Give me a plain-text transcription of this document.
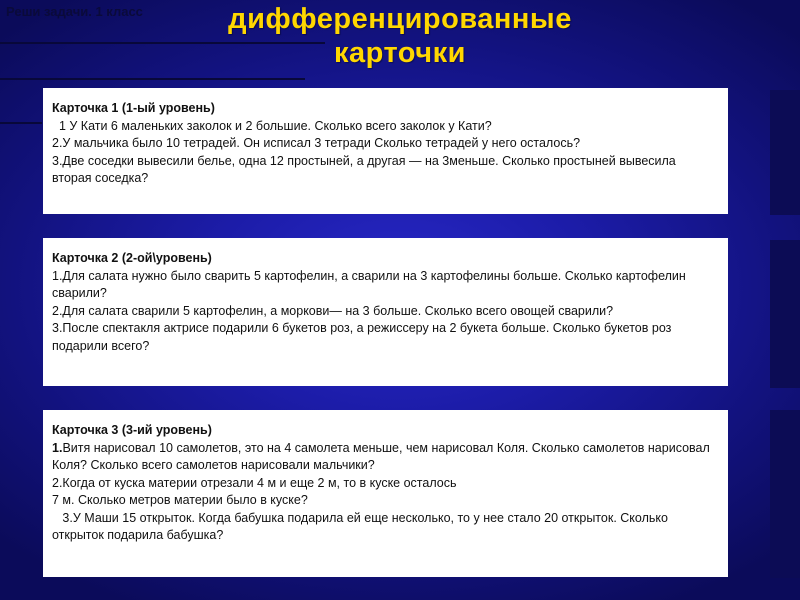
Реши задачи. 1 класс	дифференцированные
карточки
Карточка 1 (1-ый уровень)
1 У Кати 6 маленьких заколок и 2 большие. Сколько всего заколок у Кати?
2.У мальчика было 10 тетрадей. Он исписал 3 тетради Сколько тетрадей у него осталось?
3.Две соседки вывесили белье, одна 12 простыней, а другая — на 3меньше. Сколько простыней вывесила вторая соседка?
Карточка 2 (2-ой\уровень)
1.Для салата нужно было сварить 5 картофелин, а сварили на 3 картофелины больше. Сколько картофелин сварили?
2.Для салата сварили 5 картофелин, а моркови— на 3 больше. Сколько всего овощей сварили?
3.После спектакля актрисе подарили 6 букетов роз, а режиссеру на 2 букета больше. Сколько букетов роз подарили всего?
Карточка 3 (3-ий уровень)
1.Витя нарисовал 10 самолетов, это на 4 самолета меньше, чем нарисовал Коля. Сколько самолетов нарисовал Коля? Сколько всего самолетов нарисовали мальчики?
2.Когда от куска материи отрезали 4 м и еще 2 м, то в куске осталось
7 м. Сколько метров материи было в куске?
3.У Маши 15 открыток. Когда бабушка подарила ей еще несколько, то у нее стало 20 открыток. Сколько открыток подарила бабушка?
